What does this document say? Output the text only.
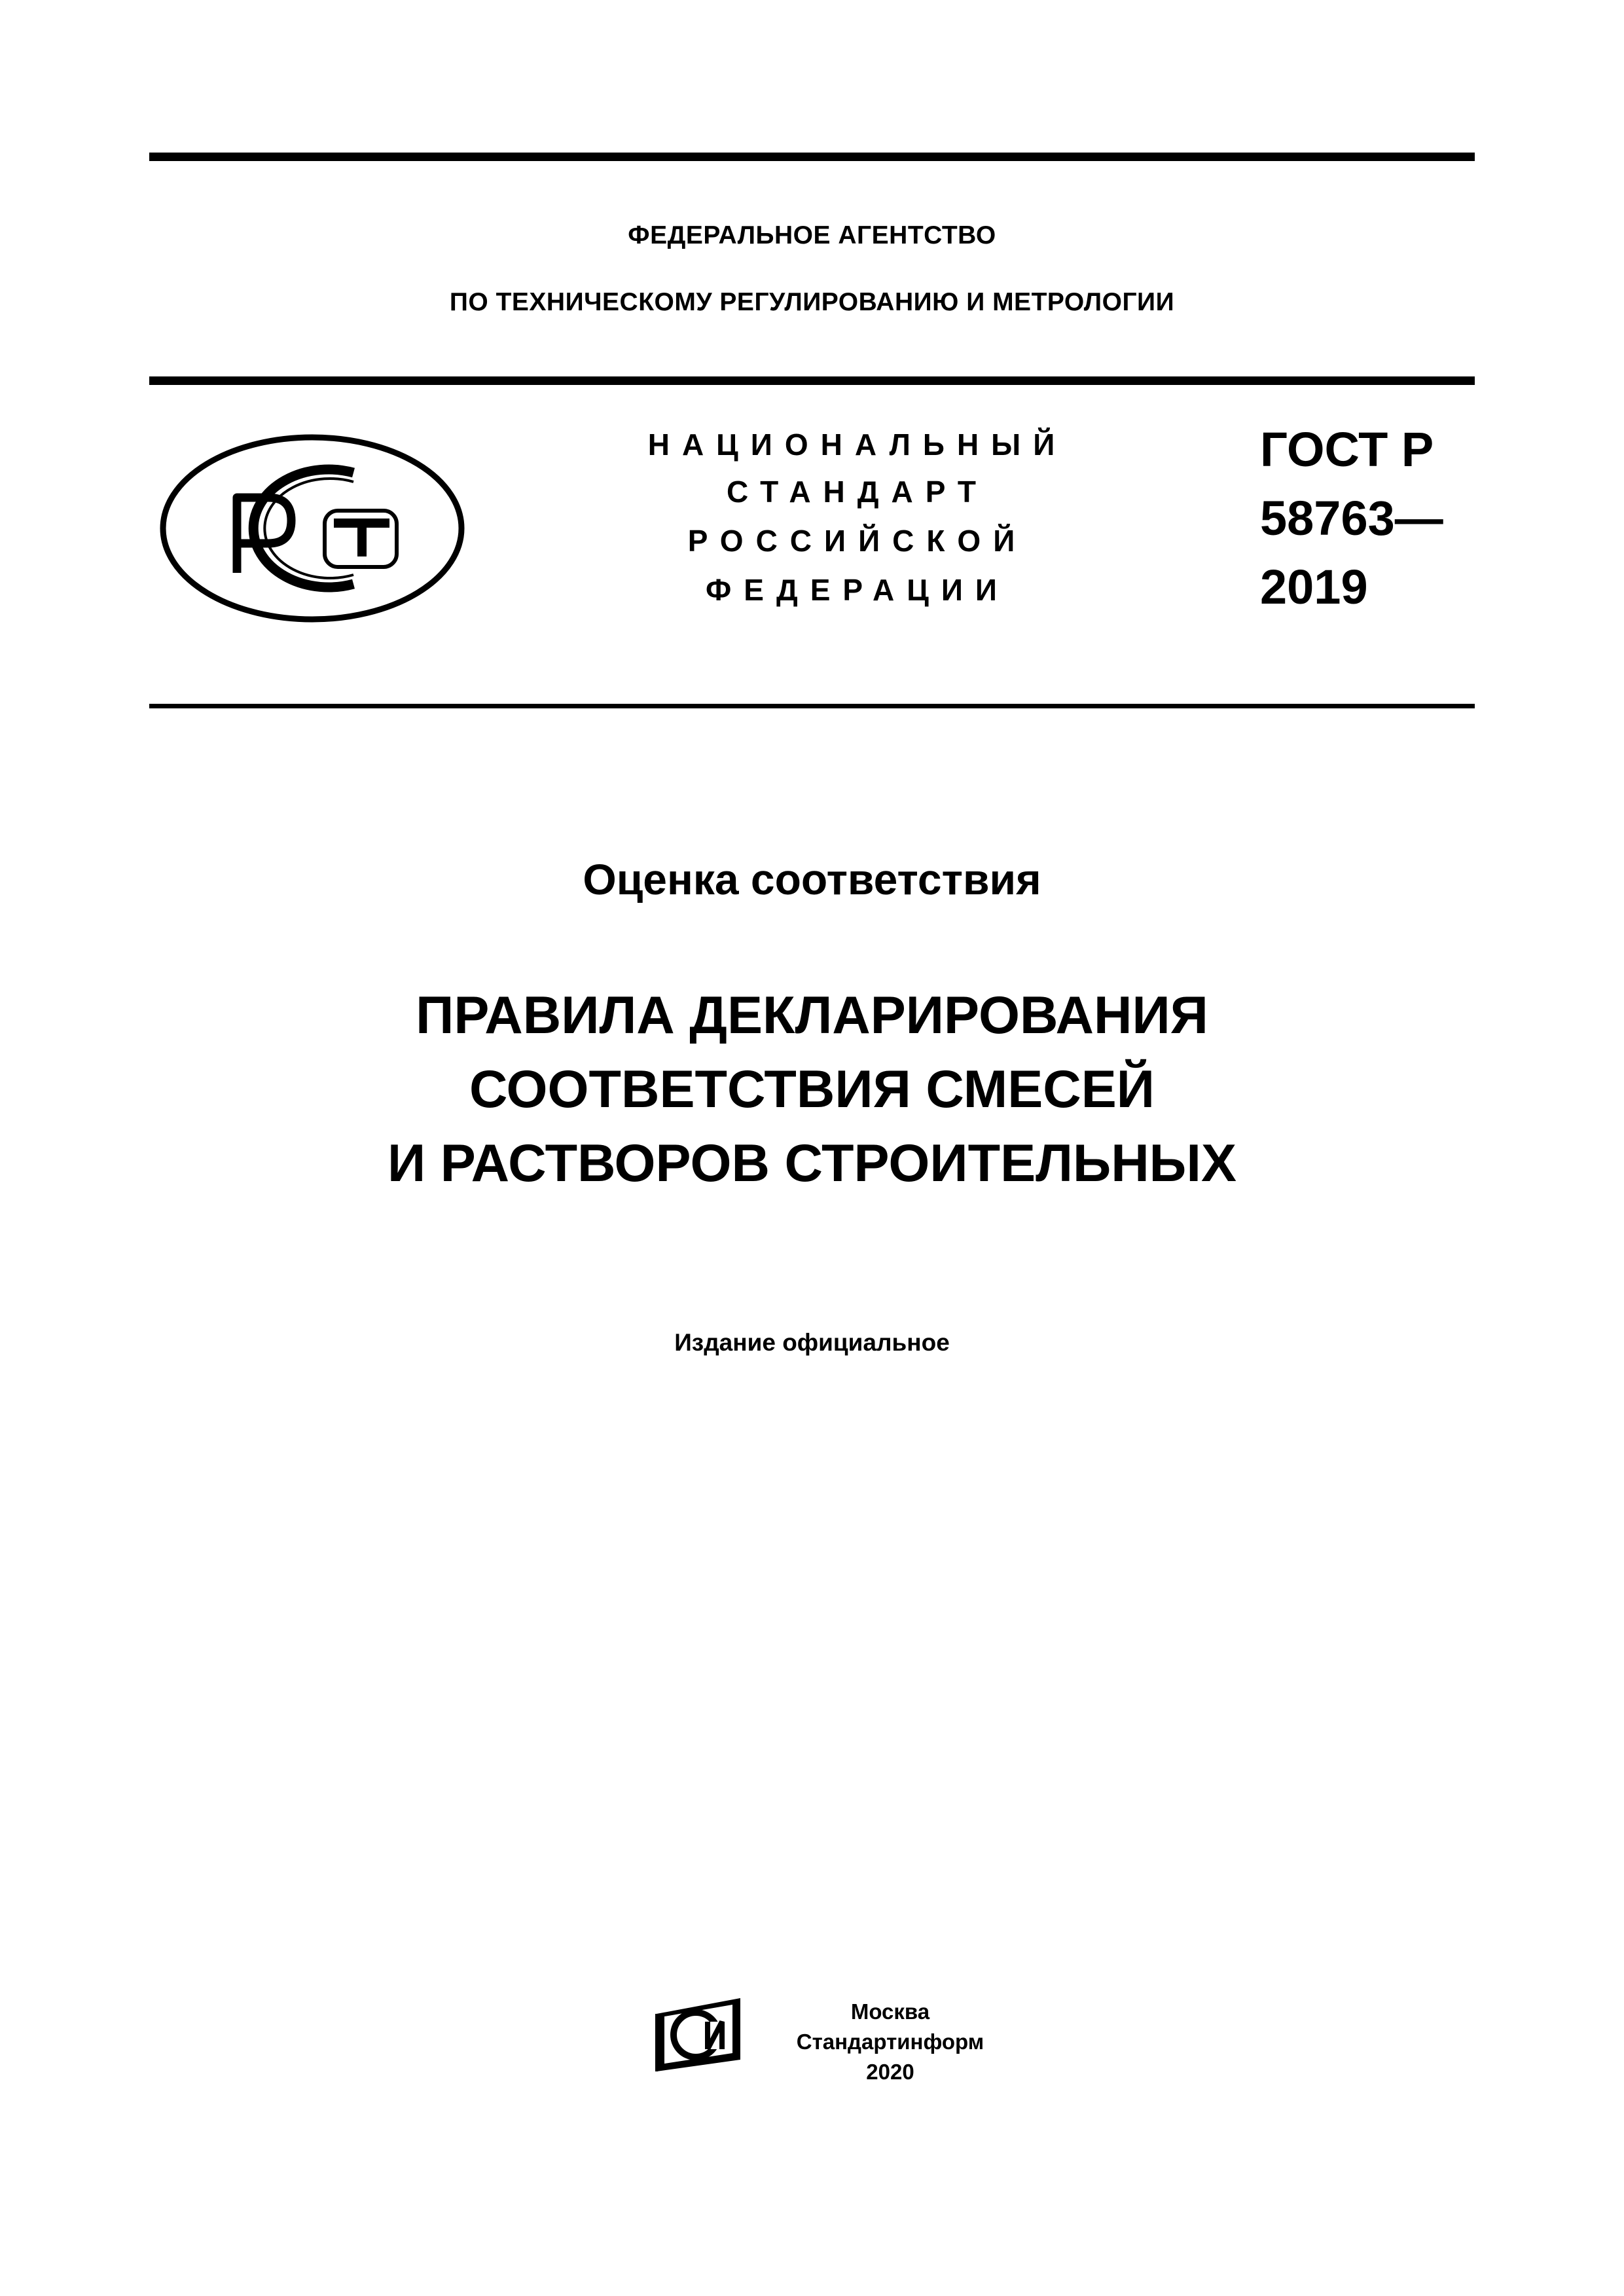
ФЕДЕРАЛЬНОЕ АГЕНТСТВО
ПО ТЕХНИЧЕСКОМУ РЕГУЛИРОВАНИЮ И МЕТРОЛОГИИ
НАЦИОНАЛЬНЫЙ
СТАНДАРТ
РОССИЙСКОЙ
ФЕДЕРАЦИИ
ГОСТ Р
58763—
2019
Оценка соответствия
ПРАВИЛА ДЕКЛАРИРОВАНИЯ
СООТВЕТСТВИЯ СМЕСЕЙ
И РАСТВОРОВ СТРОИТЕЛЬНЫХ
Издание официальное
Москва
Стандартинформ
2020
